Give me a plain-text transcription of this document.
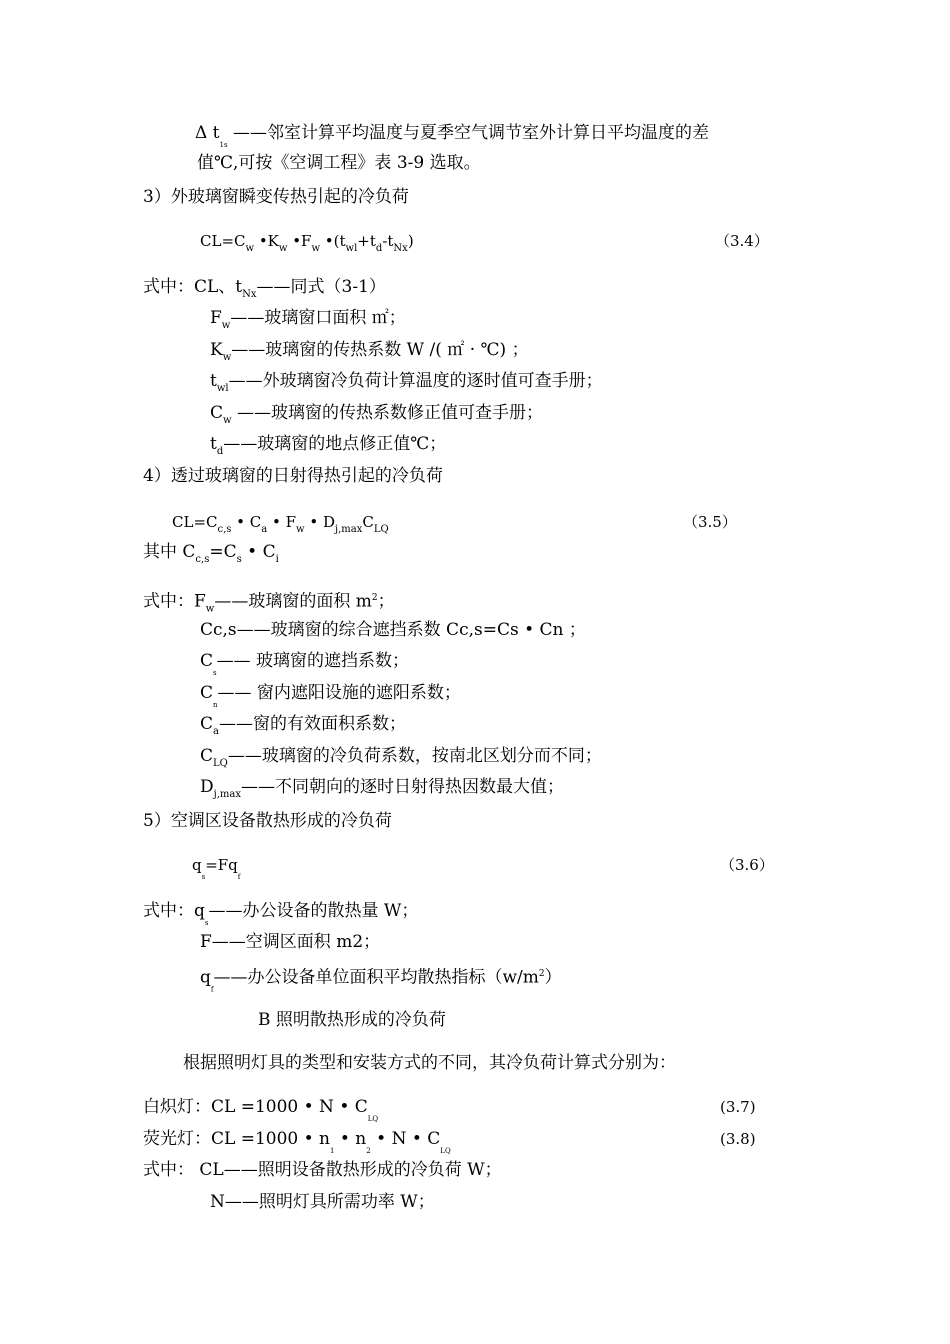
Δ $t_{1s}$ ——邻室计算平均温度与夏季空气调节室外计算日平均温度的差
值℃,可按《空调工程》表 3-9 选取。
3）外玻璃窗瞬变传热引起的冷负荷
$CL=C_w$ $•K_w$ $•F_w$ $•(t_{wl}+t_d-t_{Nx})$	（3.4）
式中：CL、$t_{Nx}——$同式（3-1）
$F_w——$玻璃窗口面积 ㎡；
$K_w——$玻璃窗的传热系数 W /( ㎡ · ℃) ；
$t_{wl}——$外玻璃窗冷负荷计算温度的逐时值可查手册；
$C_w$ ——玻璃窗的传热系数修正值可查手册；
$t_d——$玻璃窗的地点修正值℃；
4）透过玻璃窗的日射得热引起的冷负荷
$CL=C_{c,s}$ • $C_a$ • $F_w$ • $D_{j,max}C_{LQ}$	（3.5）
其中 $C_{c,s}=C_s$ • $C_i$
式中：$F_w——$玻璃窗的面积 $m^2$；
Cc,s——玻璃窗的综合遮挡系数 Cc,s=Cs • Cn ；
$C_s——$ 玻璃窗的遮挡系数；
$C_n——$ 窗内遮阳设施的遮阳系数；
$C_a——$窗的有效面积系数；
$C_{LQ}——$玻璃窗的冷负荷系数，按南北区划分而不同；
$D_{j,max}——$不同朝向的逐时日射得热因数最大值；
5）空调区设备散热形成的冷负荷
$q_s=Fq_f$
（3.6）
式中：$q_s——$办公设备的散热量 W；
F——空调区面积 m2；
$q_f——$办公设备单位面积平均散热指标$(w/m^2)$
B 照明散热形成的冷负荷
根据照明灯具的类型和安装方式的不同，其冷负荷计算式分别为：
白炽灯：CL =1000 • N • $C_{LQ}$
(3.7)
荧光灯：CL =1000 • $n_1$ • $n_2$ • N • $C_{LQ}$
(3.8)
式中： CL——照明设备散热形成的冷负荷 W；
N——照明灯具所需功率 W；
